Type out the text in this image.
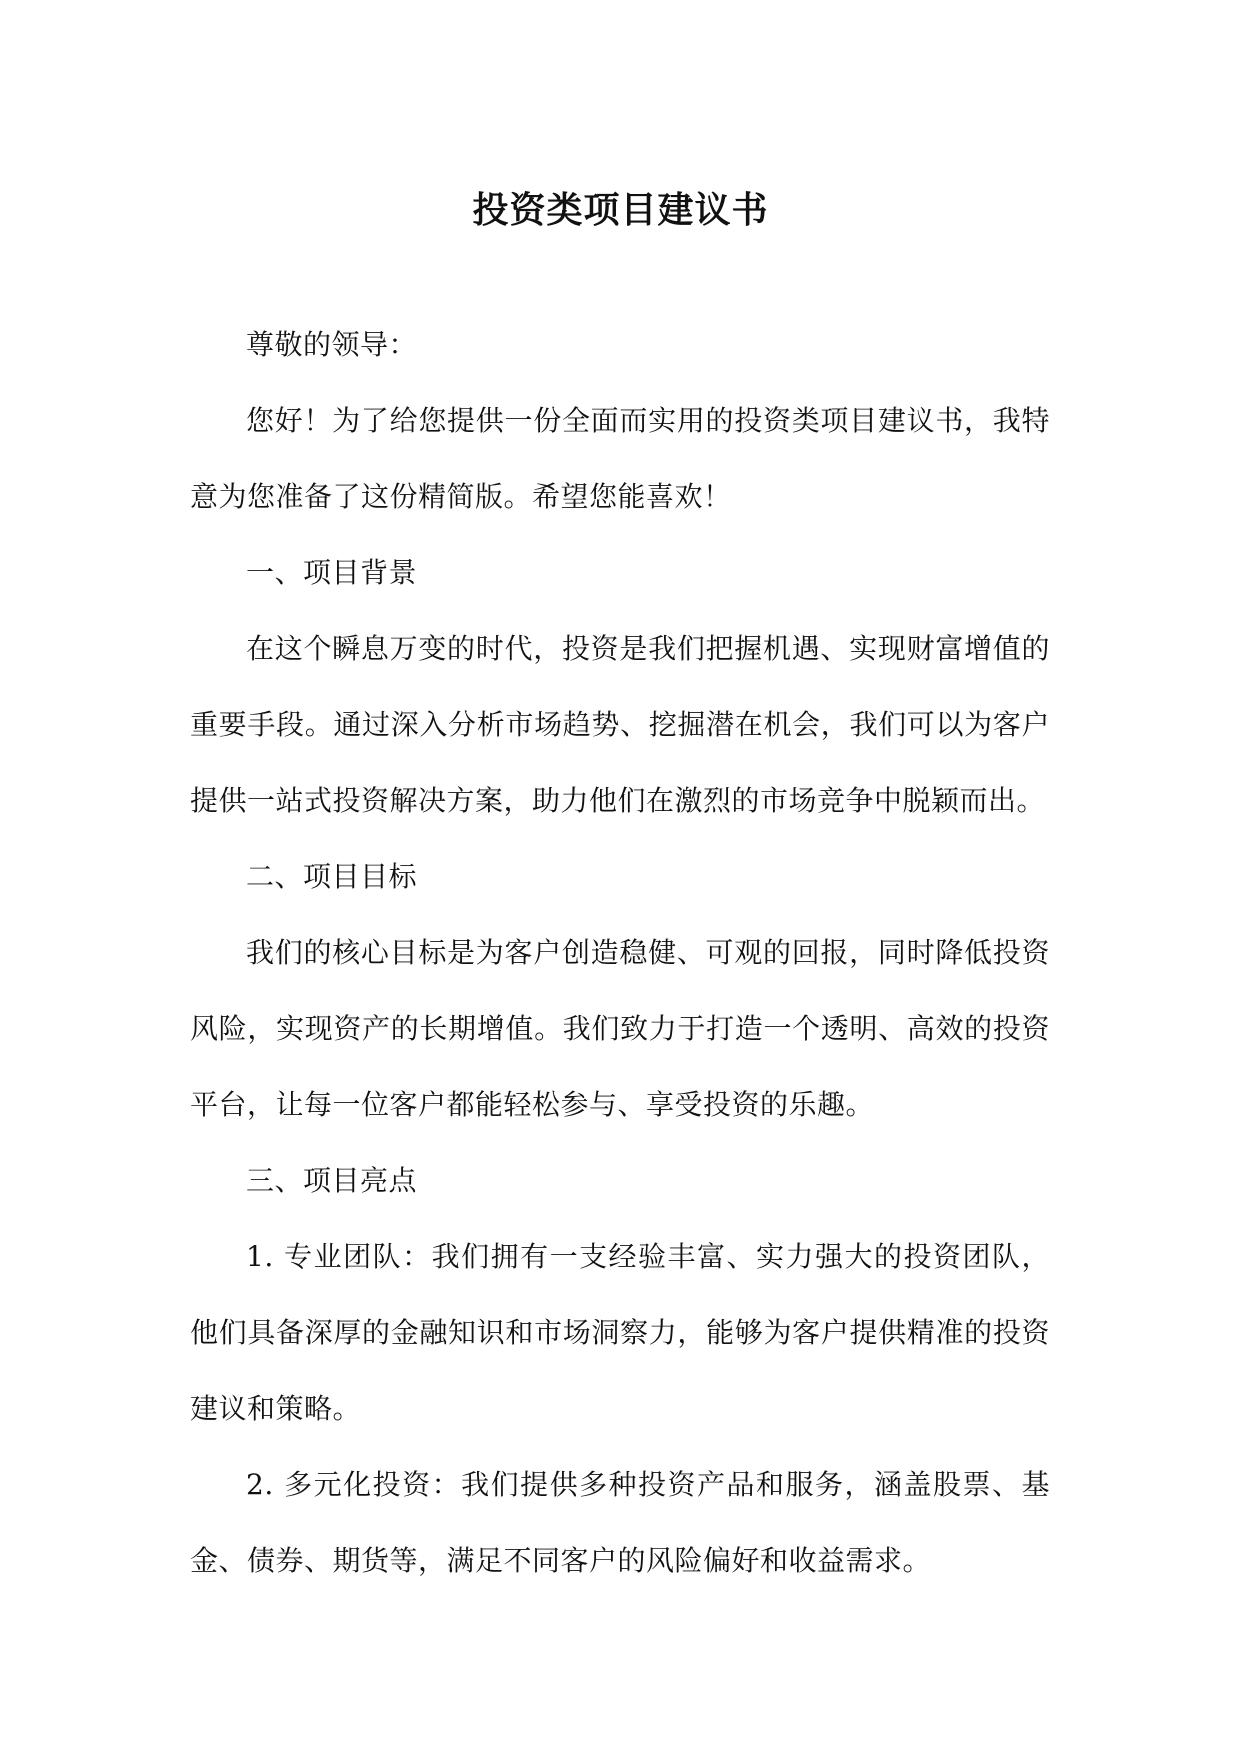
投资类项目建议书

尊敬的领导：

您好！为了给您提供一份全面而实用的投资类项目建议书，我特意为您准备了这份精简版。希望您能喜欢！

一、项目背景

在这个瞬息万变的时代，投资是我们把握机遇、实现财富增值的重要手段。通过深入分析市场趋势、挖掘潜在机会，我们可以为客户提供一站式投资解决方案，助力他们在激烈的市场竞争中脱颖而出。

二、项目目标

我们的核心目标是为客户创造稳健、可观的回报，同时降低投资风险，实现资产的长期增值。我们致力于打造一个透明、高效的投资平台，让每一位客户都能轻松参与、享受投资的乐趣。

三、项目亮点

1. 专业团队：我们拥有一支经验丰富、实力强大的投资团队，他们具备深厚的金融知识和市场洞察力，能够为客户提供精准的投资建议和策略。

2. 多元化投资：我们提供多种投资产品和服务，涵盖股票、基金、债券、期货等，满足不同客户的风险偏好和收益需求。
